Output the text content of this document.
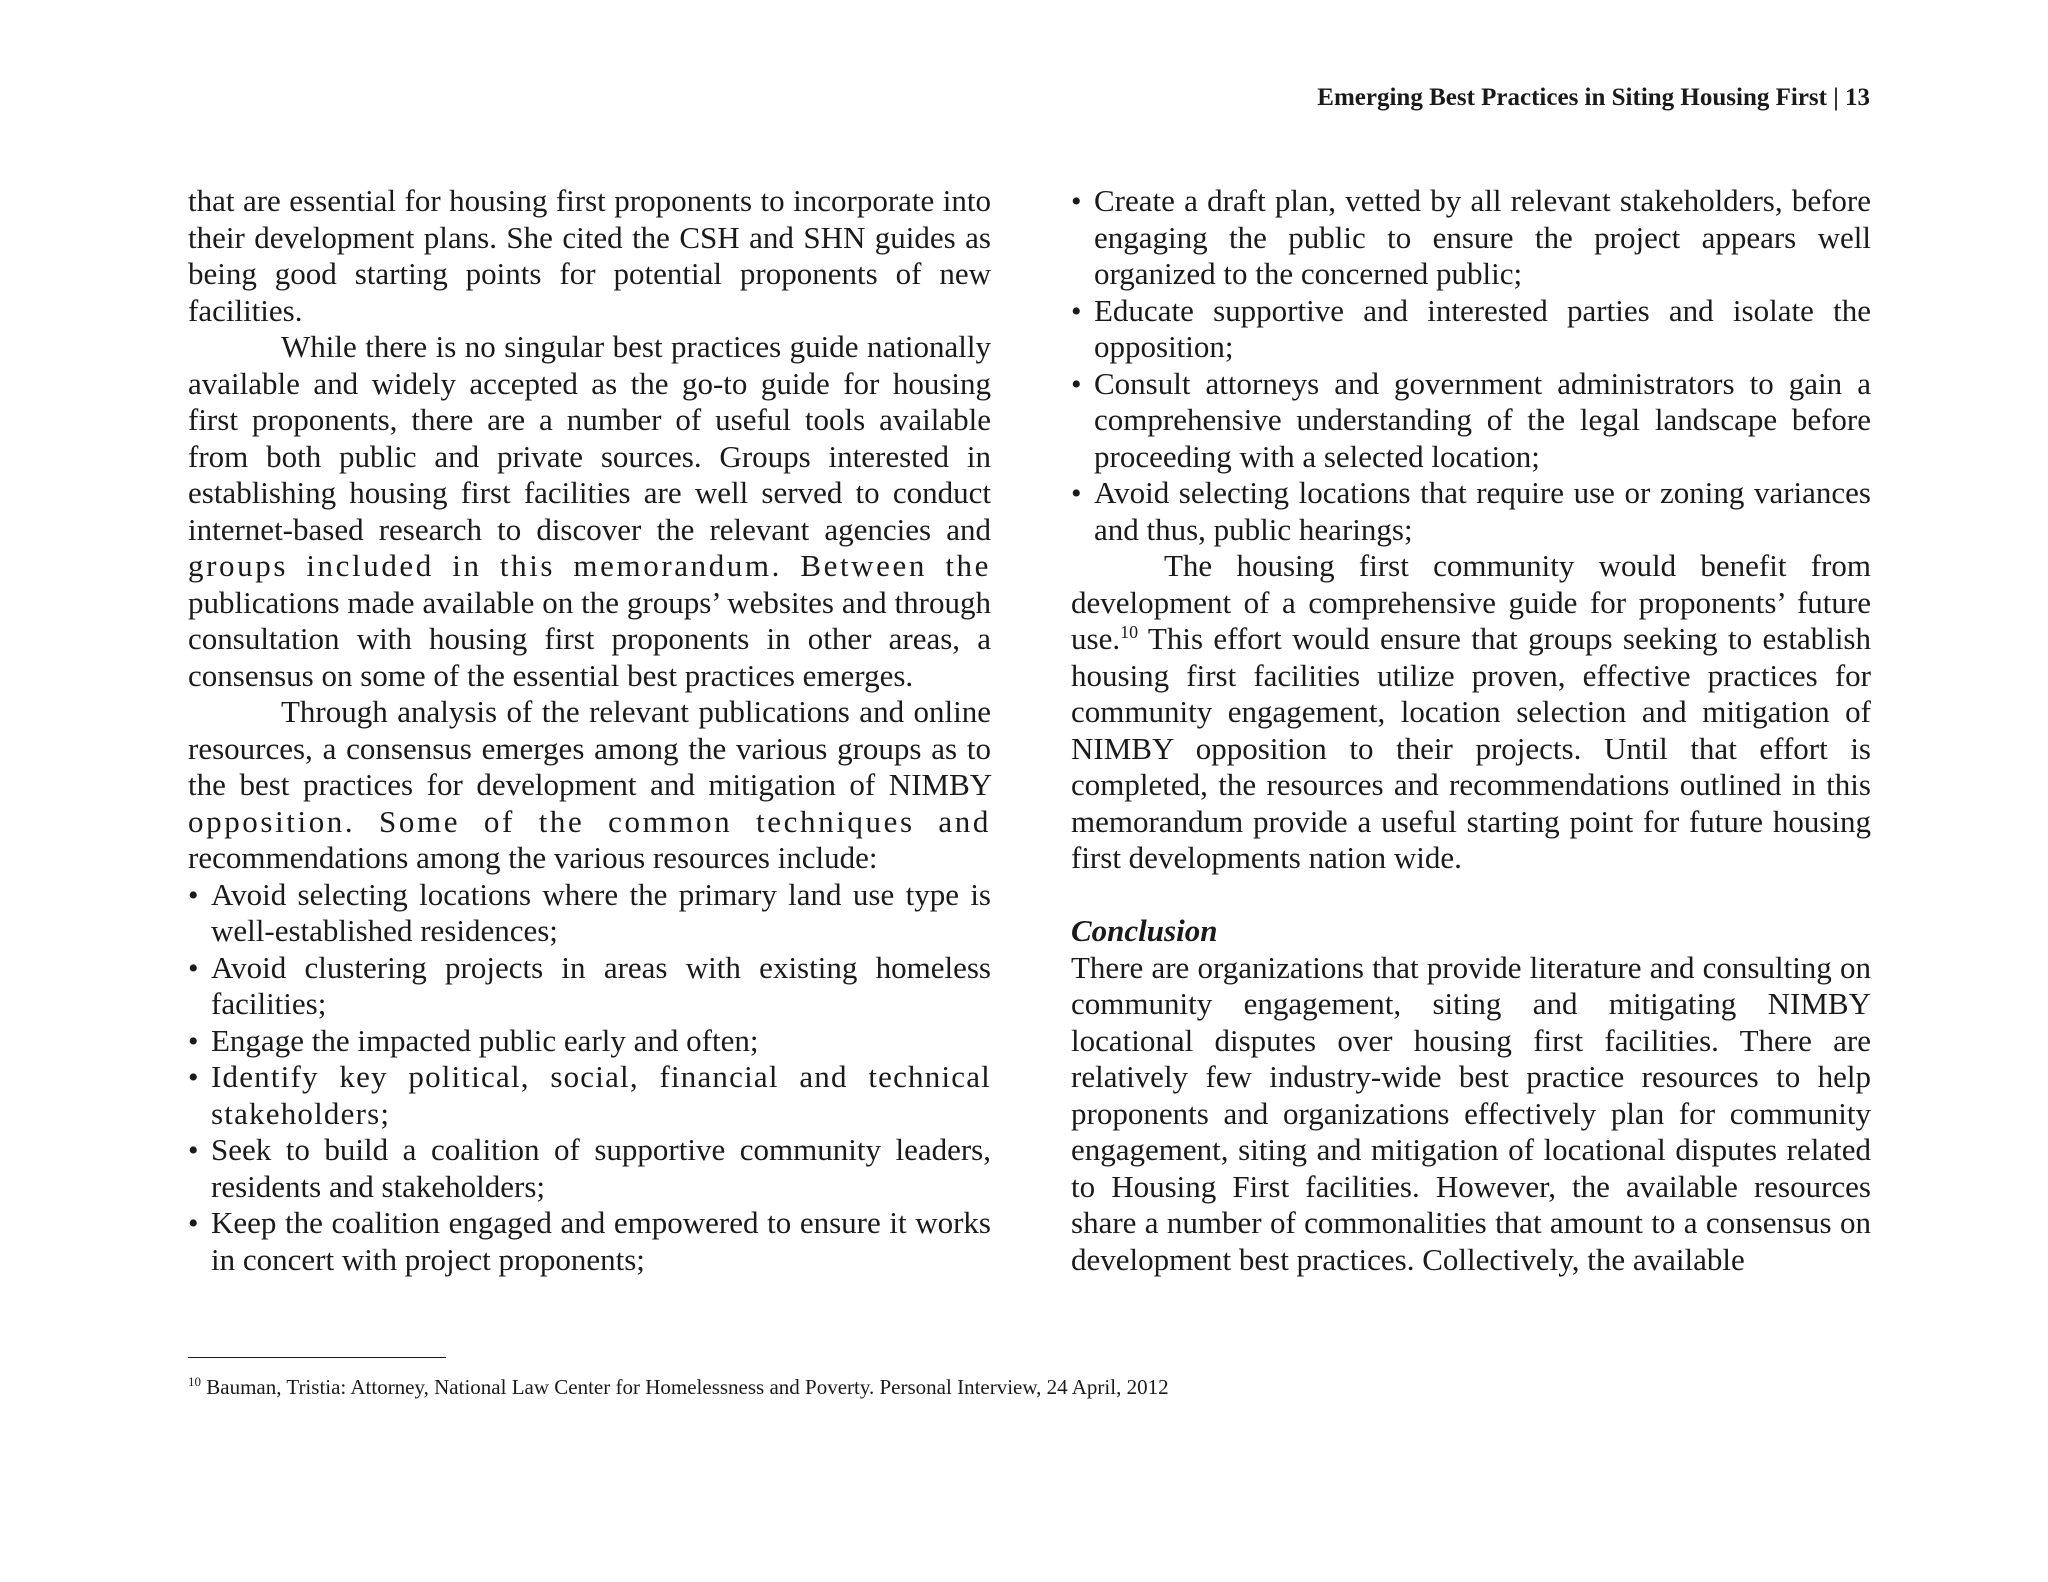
Emerging Best Practices in Siting Housing First | 13

that are essential for housing first proponents to incorporate into their development plans. She cited the CSH and SHN guides as being good starting points for potential proponents of new facilities.

While there is no singular best practices guide nationally available and widely accepted as the go-to guide for housing first proponents, there are a number of useful tools available from both public and private sources. Groups interested in establishing housing first facilities are well served to conduct internet-based research to discover the relevant agencies and groups included in this memorandum. Between the publications made available on the groups’ websites and through consultation with housing first proponents in other areas, a consensus on some of the essential best practices emerges.

Through analysis of the relevant publications and online resources, a consensus emerges among the various groups as to the best practices for development and mitigation of NIMBY opposition. Some of the common techniques and recommendations among the various resources include:

• Avoid selecting locations where the primary land use type is well-established residences;
• Avoid clustering projects in areas with existing homeless facilities;
• Engage the impacted public early and often;
• Identify key political, social, financial and technical stakeholders;
• Seek to build a coalition of supportive community leaders, residents and stakeholders;
• Keep the coalition engaged and empowered to ensure it works in concert with project proponents;
• Create a draft plan, vetted by all relevant stakeholders, before engaging the public to ensure the project appears well organized to the concerned public;
• Educate supportive and interested parties and isolate the opposition;
• Consult attorneys and government administrators to gain a comprehensive understanding of the legal landscape before proceeding with a selected location;
• Avoid selecting locations that require use or zoning variances and thus, public hearings;

The housing first community would benefit from development of a comprehensive guide for proponents’ future use.$^{10}$ This effort would ensure that groups seeking to establish housing first facilities utilize proven, effective practices for community engagement, location selection and mitigation of NIMBY opposition to their projects. Until that effort is completed, the resources and recommendations outlined in this memorandum provide a useful starting point for future housing first developments nation wide.

Conclusion

There are organizations that provide literature and consulting on community engagement, siting and mitigating NIMBY locational disputes over housing first facilities. There are relatively few industry-wide best practice resources to help proponents and organizations effectively plan for community engagement, siting and mitigation of locational disputes related to Housing First facilities. However, the available resources share a number of commonalities that amount to a consensus on development best practices. Collectively, the available

$^{10}$ Bauman, Tristia: Attorney, National Law Center for Homelessness and Poverty. Personal Interview, 24 April, 2012
